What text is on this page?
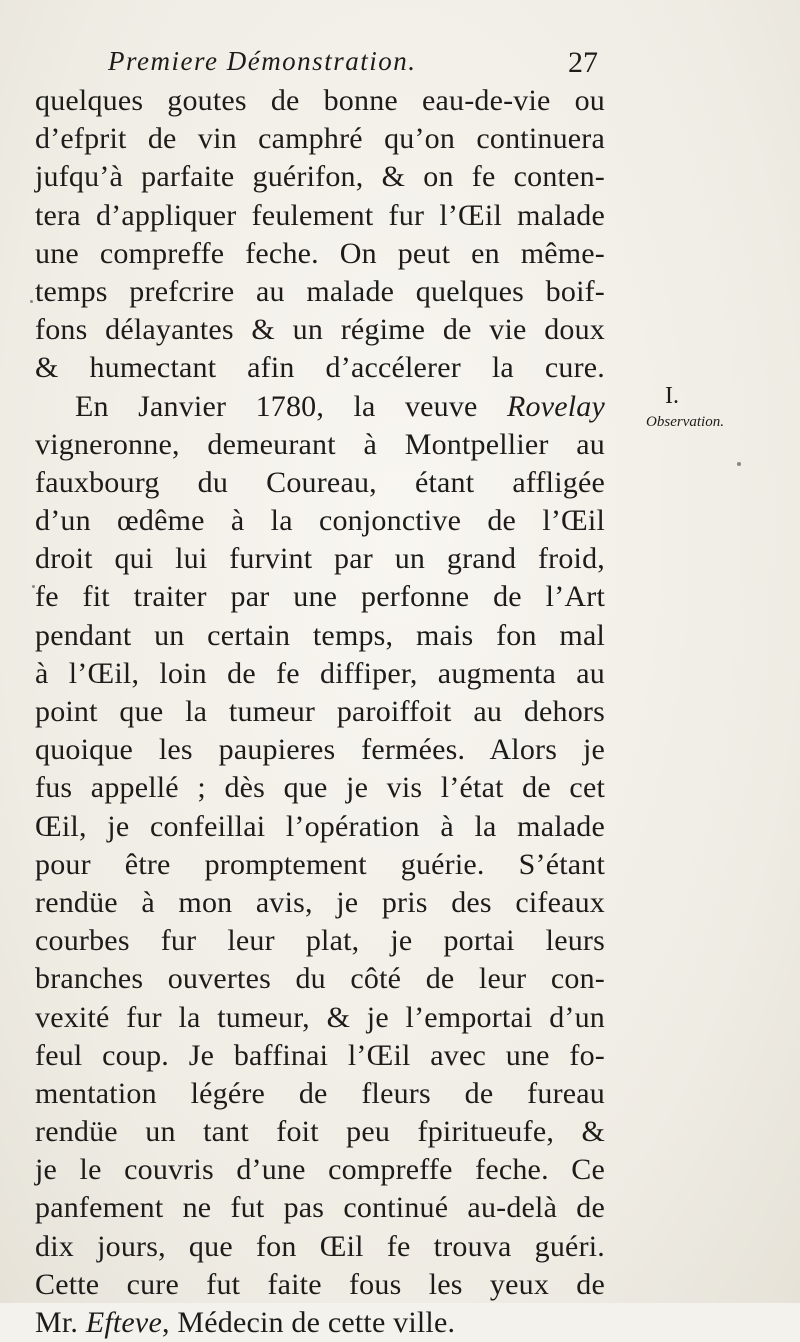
Premiere Démonstration.	27
quelques goutes de bonne eau-de-vie ou
d’efprit de vin camphré qu’on continuera
jufqu’à parfaite guérifon, & on fe conten-
tera d’appliquer feulement fur l’Œil malade
une compreffe feche. On peut en même-
temps prefcrire au malade quelques boif-
fons délayantes & un régime de vie doux
& humectant afin d’accélerer la cure.
En Janvier 1780, la veuve Rovelay
vigneronne, demeurant à Montpellier au
fauxbourg du Coureau, étant affligée
d’un œdême à la conjonctive de l’Œil
droit qui lui furvint par un grand froid,
fe fit traiter par une perfonne de l’Art
pendant un certain temps, mais fon mal
à l’Œil, loin de fe diffiper, augmenta au
point que la tumeur paroiffoit au dehors
quoique les paupieres fermées. Alors je
fus appellé ; dès que je vis l’état de cet
Œil, je confeillai l’opération à la malade
pour être promptement guérie. S’étant
rendüe à mon avis, je pris des cifeaux
courbes fur leur plat, je portai leurs
branches ouvertes du côté de leur con-
vexité fur la tumeur, & je l’emportai d’un
feul coup. Je baffinai l’Œil avec une fo-
mentation légére de fleurs de fureau
rendüe un tant foit peu fpiritueufe, &
je le couvris d’une compreffe feche. Ce
panfement ne fut pas continué au-delà de
dix jours, que fon Œil fe trouva guéri.
Cette cure fut faite fous les yeux de
Mr. Efteve, Médecin de cette ville.
I.
Observation.
